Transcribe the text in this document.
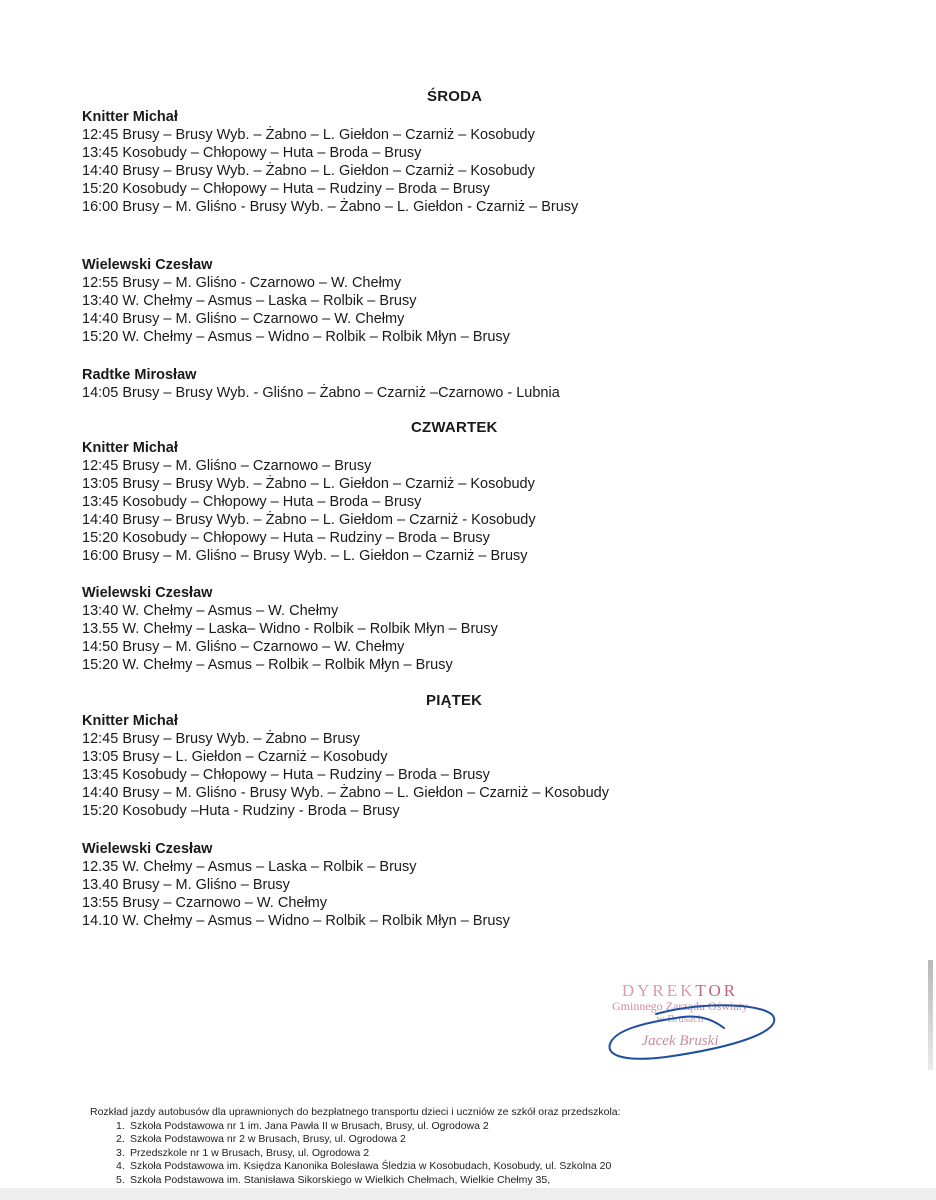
ŚRODA

Knitter Michał

12:45 Brusy – Brusy Wyb. – Żabno – L. Giełdon – Czarniż – Kosobudy

13:45 Kosobudy – Chłopowy – Huta – Broda – Brusy

14:40 Brusy – Brusy Wyb. – Żabno – L. Giełdon – Czarniż – Kosobudy

15:20 Kosobudy – Chłopowy – Huta – Rudziny – Broda – Brusy

16:00 Brusy – M. Gliśno - Brusy Wyb. – Żabno – L. Giełdon - Czarniż – Brusy

Wielewski Czesław

12:55 Brusy – M. Gliśno - Czarnowo – W. Chełmy

13:40 W. Chełmy – Asmus – Laska – Rolbik – Brusy

14:40 Brusy – M. Gliśno – Czarnowo – W. Chełmy

15:20 W. Chełmy – Asmus – Widno – Rolbik – Rolbik Młyn – Brusy

Radtke Mirosław

14:05 Brusy – Brusy Wyb. - Gliśno – Żabno – Czarniż –Czarnowo - Lubnia

CZWARTEK

Knitter Michał

12:45 Brusy – M. Gliśno – Czarnowo – Brusy

13:05 Brusy – Brusy Wyb. – Żabno – L. Giełdon – Czarniż – Kosobudy

13:45 Kosobudy – Chłopowy – Huta – Broda – Brusy

14:40 Brusy – Brusy Wyb. – Żabno – L. Giełdom – Czarniż - Kosobudy

15:20 Kosobudy – Chłopowy – Huta – Rudziny – Broda – Brusy

16:00 Brusy – M. Gliśno – Brusy Wyb. – L. Giełdon – Czarniż – Brusy

Wielewski Czesław

13:40 W. Chełmy – Asmus – W. Chełmy

13.55 W. Chełmy – Laska– Widno - Rolbik – Rolbik Młyn – Brusy

14:50 Brusy – M. Gliśno – Czarnowo – W. Chełmy

15:20 W. Chełmy – Asmus – Rolbik – Rolbik Młyn – Brusy

PIĄTEK

Knitter Michał

12:45 Brusy – Brusy Wyb. – Żabno – Brusy

13:05 Brusy – L. Giełdon – Czarniż – Kosobudy

13:45 Kosobudy – Chłopowy – Huta – Rudziny – Broda – Brusy

14:40 Brusy – M. Gliśno - Brusy Wyb. – Żabno – L. Giełdon – Czarniż – Kosobudy

15:20 Kosobudy –Huta - Rudziny - Broda – Brusy

Wielewski Czesław

12.35 W. Chełmy – Asmus – Laska – Rolbik – Brusy

13.40 Brusy – M. Gliśno – Brusy

13:55 Brusy – Czarnowo – W. Chełmy

14.10 W. Chełmy – Asmus – Widno – Rolbik – Rolbik Młyn – Brusy

DYREKTOR
Gminnego Zarządu Oświaty
w Brusach
Jacek Bruski
Rozkład jazdy autobusów dla uprawnionych do bezpłatnego transportu dzieci i uczniów ze szkół oraz przedszkola:
1. Szkoła Podstawowa nr 1 im. Jana Pawła II w Brusach, Brusy, ul. Ogrodowa 2
2. Szkoła Podstawowa nr 2 w Brusach, Brusy, ul. Ogrodowa 2
3. Przedszkole nr 1 w Brusach, Brusy, ul. Ogrodowa 2
4. Szkoła Podstawowa im. Księdza Kanonika Bolesława Śledzia w Kosobudach, Kosobudy, ul. Szkolna 20
5. Szkoła Podstawowa im. Stanisława Sikorskiego w Wielkich Chełmach, Wielkie Chełmy 35,
